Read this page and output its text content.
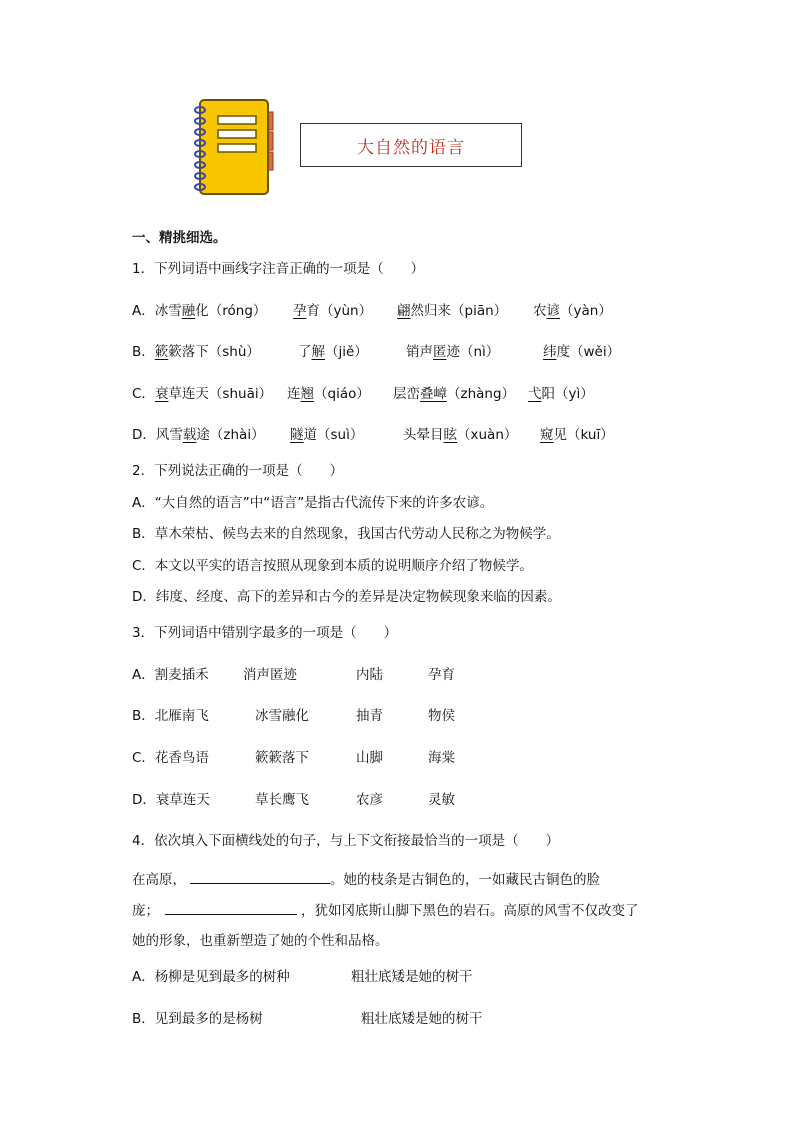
大自然的语言
一、精挑细选。
1．下列词语中画线字注音正确的一项是（　　）
A．冰雪融化（róng） 孕育（yùn） 翩然归来（piān） 农谚（yàn）
B．簌簌落下（shù）	了解（jiě）	销声匿迹（nì）	纬度（wěi）
C．衰草连天（shuāi） 连翘（qiáo） 层峦叠嶂（zhàng） 弋阳（yì）
D．风雪载途（zhài） 隧道（suì）	头晕目眩（xuàn） 窥见（kuī）
2．下列说法正确的一项是（　　）
A．“大自然的语言”中“语言”是指古代流传下来的许多农谚。
B．草木荣枯、候鸟去来的自然现象，我国古代劳动人民称之为物候学。
C．本文以平实的语言按照从现象到本质的说明顺序介绍了物候学。
D．纬度、经度、高下的差异和古今的差异是决定物候现象来临的因素。
3．下列词语中错别字最多的一项是（　　）
A．割麦插禾	消声匿迹	内陆	孕育
B．北雁南飞	冰雪融化	抽青	物侯
C．花香鸟语	簌簌落下	山脚	海棠
D．衰草连天	草长鹰飞	农彦	灵敏
4．依次填入下面横线处的句子，与上下文衔接最恰当的一项是（　　）
在高原，	。她的枝条是古铜色的，一如藏民古铜色的脸
庞；	，犹如冈底斯山脚下黑色的岩石。高原的风雪不仅改变了
她的形象，也重新塑造了她的个性和品格。
A．杨柳是见到最多的树种	粗壮底矮是她的树干
B．见到最多的是杨树	粗壮底矮是她的树干
